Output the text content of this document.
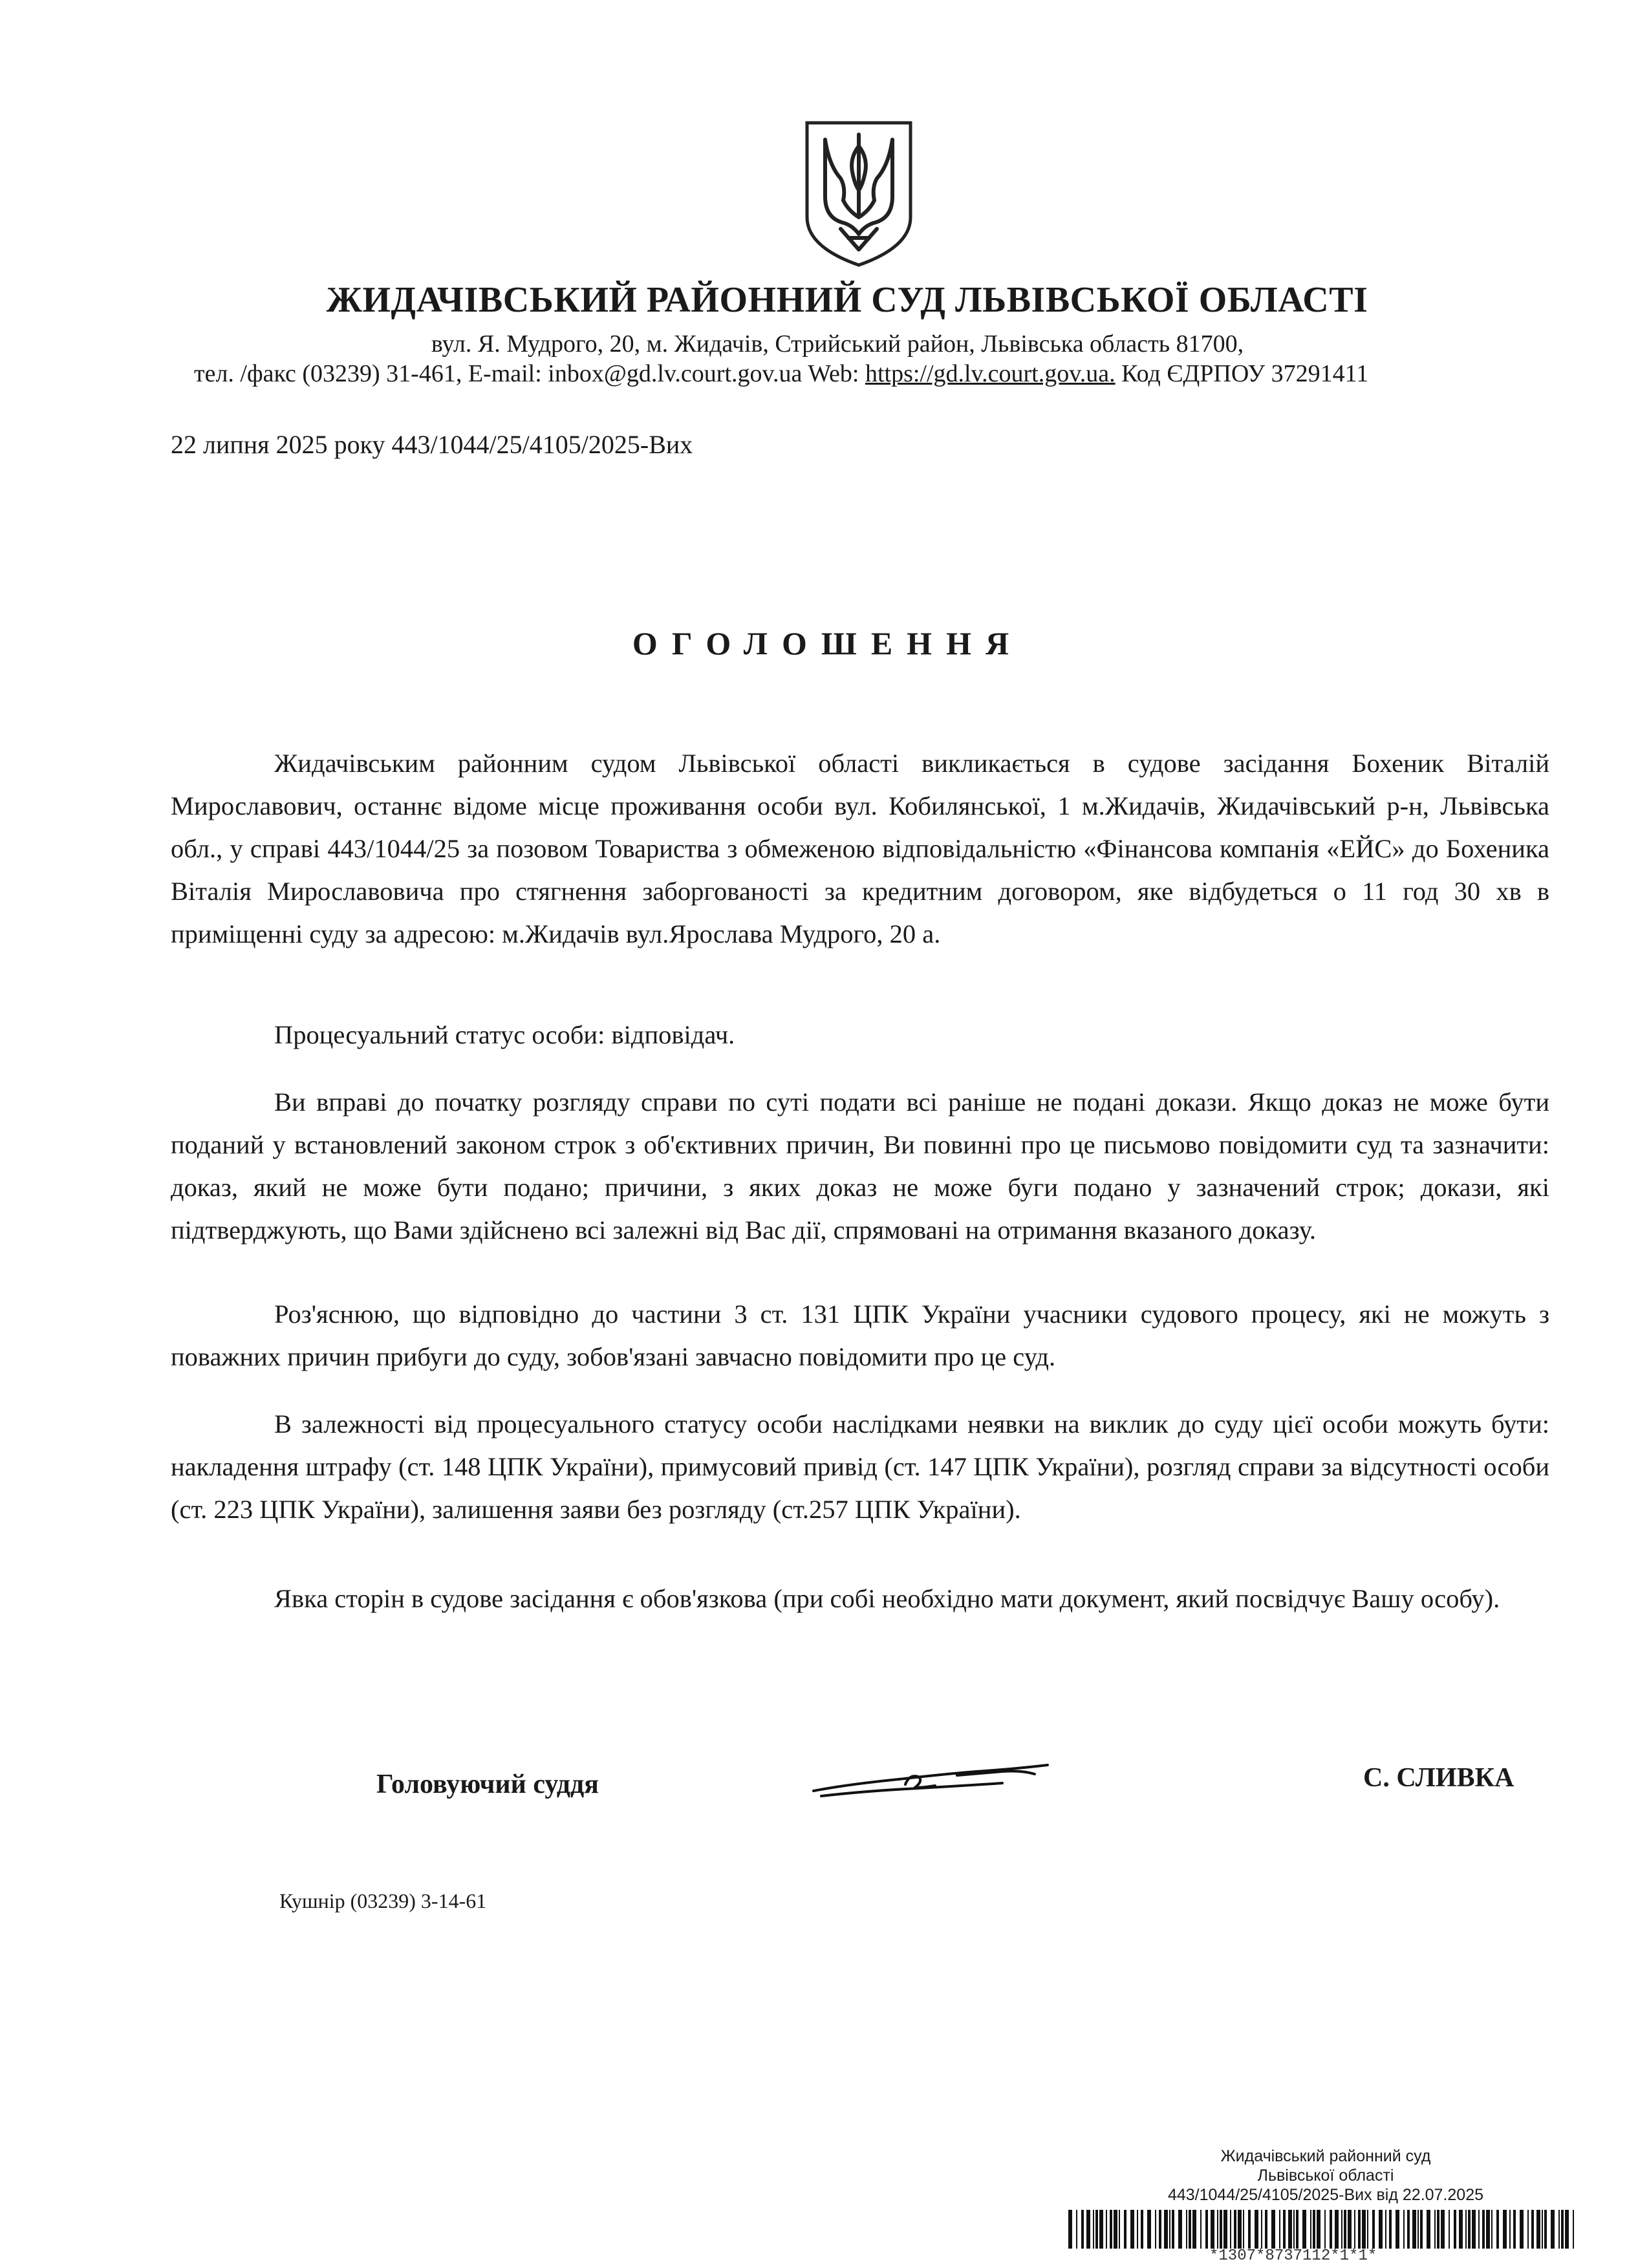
ЖИДАЧІВСЬКИЙ РАЙОННИЙ СУД ЛЬВІВСЬКОЇ ОБЛАСТІ
вул. Я. Мудрого, 20, м. Жидачів, Стрийський район, Львівська область 81700,
тел. /факс (03239) 31-461, E-mail: inbox@gd.lv.court.gov.ua Web: https://gd.lv.court.gov.ua. Код ЄДРПОУ 37291411
22 липня 2025 року 443/1044/25/4105/2025-Вих
ОГОЛОШЕННЯ
Жидачівським районним судом Львівської області викликається в судове засідання Бохеник Віталій Мирославович, останнє відоме місце проживання особи вул. Кобилянської, 1 м.Жидачів, Жидачівський р-н, Львівська обл., у справі 443/1044/25 за позовом Товариства з обмеженою відповідальністю «Фінансова компанія «ЕЙС» до Бохеника Віталія Мирославовича про стягнення заборгованості за кредитним договором, яке відбудеться о 11 год 30 хв в приміщенні суду за адресою: м.Жидачів вул.Ярослава Мудрого, 20 а.
Процесуальний статус особи: відповідач.
Ви вправі до початку розгляду справи по суті подати всі раніше не подані докази. Якщо доказ не може бути поданий у встановлений законом строк з об'єктивних причин, Ви повинні про це письмово повідомити суд та зазначити: доказ, який не може бути подано; причини, з яких доказ не може буги подано у зазначений строк; докази, які підтверджують, що Вами здійснено всі залежні від Вас дії, спрямовані на отримання вказаного доказу.
Роз'яснюю, що відповідно до частини 3 ст. 131 ЦПК України учасники судового процесу, які не можуть з поважних причин прибуги до суду, зобов'язані завчасно повідомити про це суд.
В залежності від процесуального статусу особи наслідками неявки на виклик до суду цієї особи можуть бути: накладення штрафу (ст. 148 ЦПК України), примусовий привід (ст. 147 ЦПК України), розгляд справи за відсутності особи (ст. 223 ЦПК України), залишення заяви без розгляду (ст.257 ЦПК України).
Явка сторін в судове засідання є обов'язкова (при собі необхідно мати документ, який посвідчує Вашу особу).
Головуючий суддя	С. СЛИВКА
Кушнір (03239) 3-14-61
Жидачівський районний суд
Львівської області
443/1044/25/4105/2025-Вих від 22.07.2025
*1307*8737112*1*1*
